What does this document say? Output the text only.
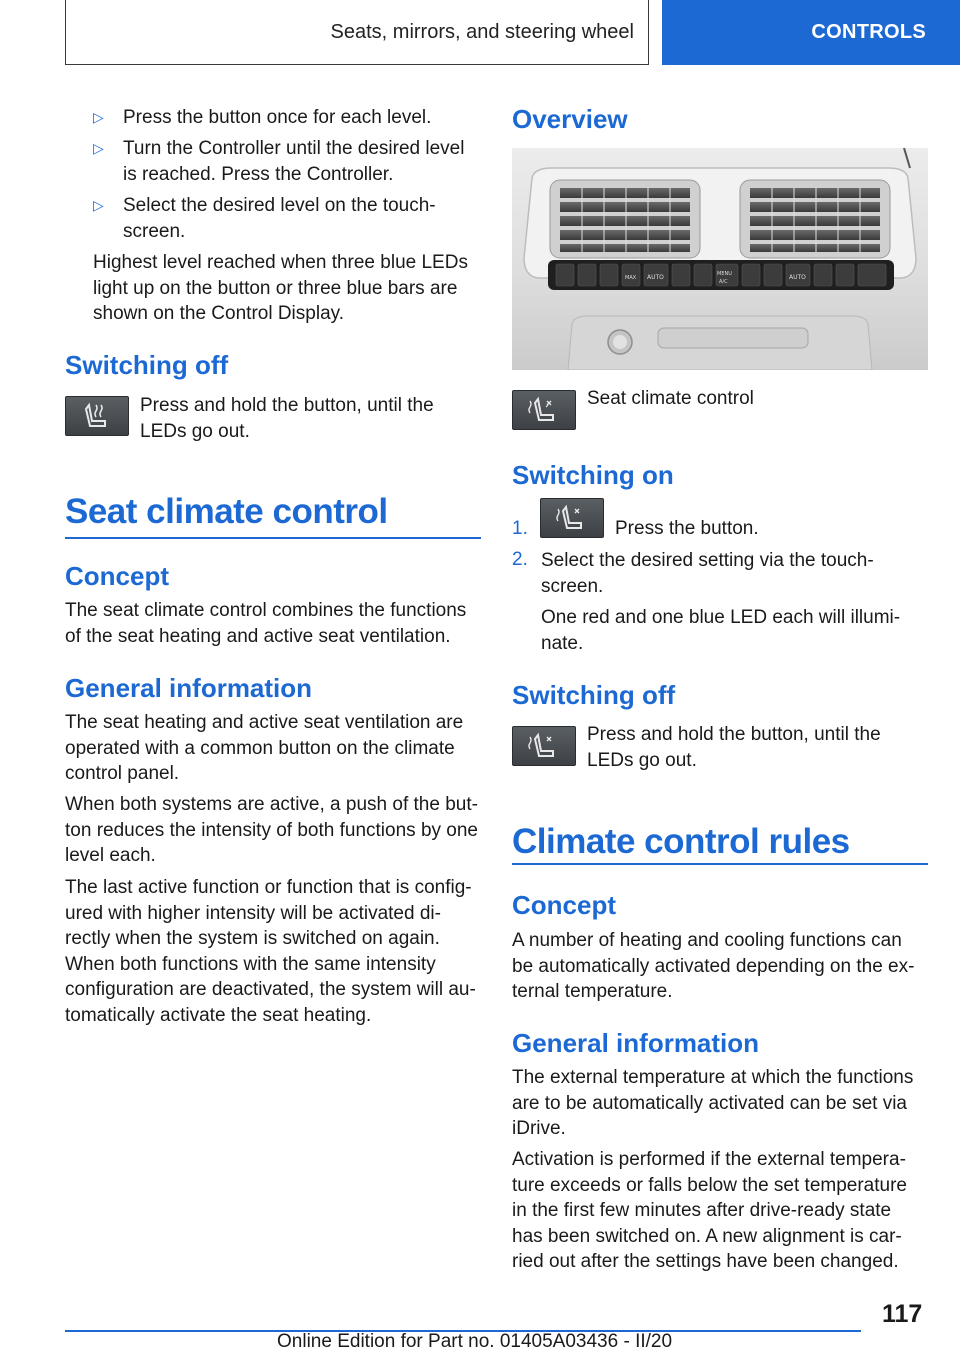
Seats, mirrors, and steering wheel	CONTROLS
▷	Press the button once for each level.
▷	Turn the Controller until the desired level is reached. Press the Controller.
▷	Select the desired level on the touch-screen.
Highest level reached when three blue LEDs light up on the button or three blue bars are shown on the Control Display.
Switching off
Press and hold the button, until the LEDs go out.
Seat climate control
Concept
The seat climate control combines the functions of the seat heating and active seat ventilation.
General information
The seat heating and active seat ventilation are operated with a common button on the climate control panel.
When both systems are active, a push of the but-ton reduces the intensity of both functions by one level each.
The last active function or function that is config-ured with higher intensity will be activated di-rectly when the system is switched on again. When both functions with the same intensity configuration are deactivated, the system will au-tomatically activate the seat heating.
Overview
AUTO
MAX
MENU
A/C
AUTO
Seat climate control
Switching on
1.	Press the button.
2. Select the desired setting via the touch-screen.
One red and one blue LED each will illumi-nate.
Switching off
Press and hold the button, until the LEDs go out.
Climate control rules
Concept
A number of heating and cooling functions can be automatically activated depending on the ex-ternal temperature.
General information
The external temperature at which the functions are to be automatically activated can be set via iDrive.
Activation is performed if the external tempera-ture exceeds or falls below the set temperature in the first few minutes after drive-ready state has been switched on. A new alignment is car-ried out after the settings have been changed.
117
Online Edition for Part no. 01405A03436 - II/20
